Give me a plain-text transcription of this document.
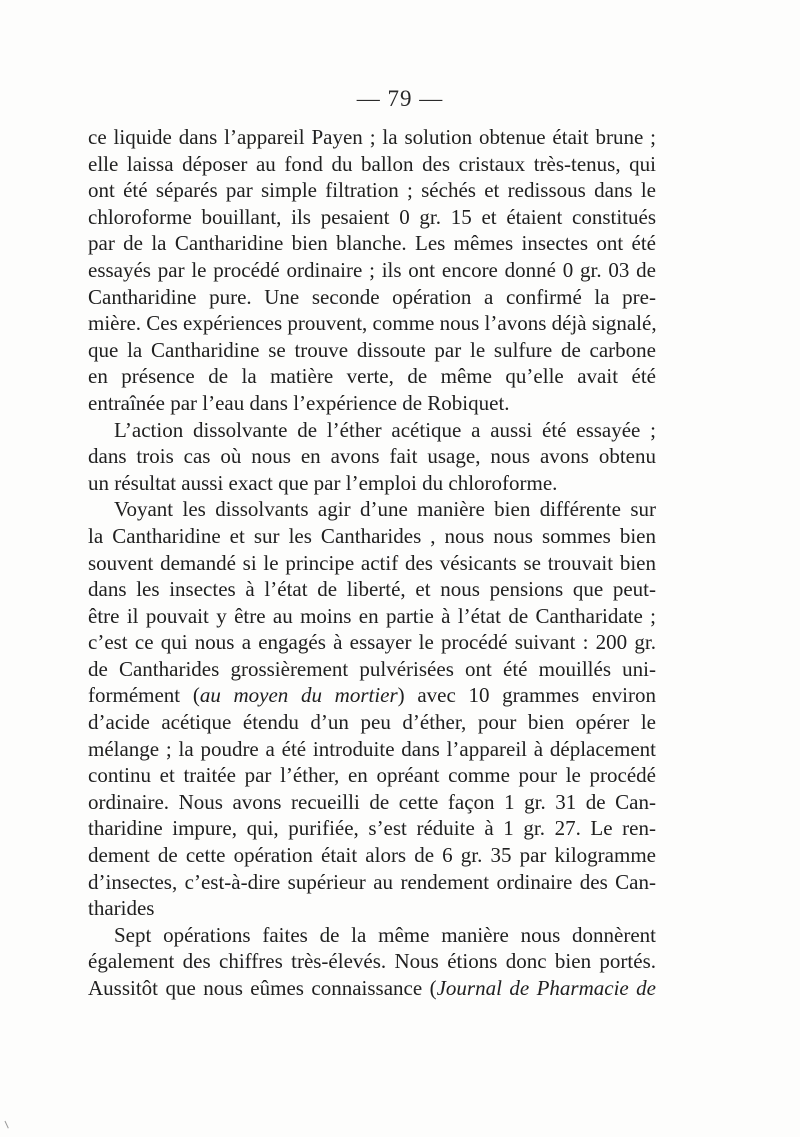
— 79 —
ce liquide dans l’appareil Payen ; la solution obtenue était brune ;
elle laissa déposer au fond du ballon des cristaux très-tenus, qui
ont été séparés par simple filtration ; séchés et redissous dans le
chloroforme bouillant, ils pesaient 0 gr. 15 et étaient constitués
par de la Cantharidine bien blanche. Les mêmes insectes ont été
essayés par le procédé ordinaire ; ils ont encore donné 0 gr. 03 de
Cantharidine pure. Une seconde opération a confirmé la pre-
mière. Ces expériences prouvent, comme nous l’avons déjà signalé,
que la Cantharidine se trouve dissoute par le sulfure de carbone
en présence de la matière verte, de même qu’elle avait été
entraînée par l’eau dans l’expérience de Robiquet.
L’action dissolvante de l’éther acétique a aussi été essayée ;
dans trois cas où nous en avons fait usage, nous avons obtenu
un résultat aussi exact que par l’emploi du chloroforme.
Voyant les dissolvants agir d’une manière bien différente sur
la Cantharidine et sur les Cantharides , nous nous sommes bien
souvent demandé si le principe actif des vésicants se trouvait bien
dans les insectes à l’état de liberté, et nous pensions que peut-
être il pouvait y être au moins en partie à l’état de Cantharidate ;
c’est ce qui nous a engagés à essayer le procédé suivant : 200 gr.
de Cantharides grossièrement pulvérisées ont été mouillés uni-
formément (au moyen du mortier) avec 10 grammes environ
d’acide acétique étendu d’un peu d’éther, pour bien opérer le
mélange ; la poudre a été introduite dans l’appareil à déplacement
continu et traitée par l’éther, en opréant comme pour le procédé
ordinaire. Nous avons recueilli de cette façon 1 gr. 31 de Can-
tharidine impure, qui, purifiée, s’est réduite à 1 gr. 27. Le ren-
dement de cette opération était alors de 6 gr. 35 par kilogramme
d’insectes, c’est-à-dire supérieur au rendement ordinaire des Can-
tharides
Sept opérations faites de la même manière nous donnèrent
également des chiffres très-élevés. Nous étions donc bien portés.
Aussitôt que nous eûmes connaissance (Journal de Pharmacie de
